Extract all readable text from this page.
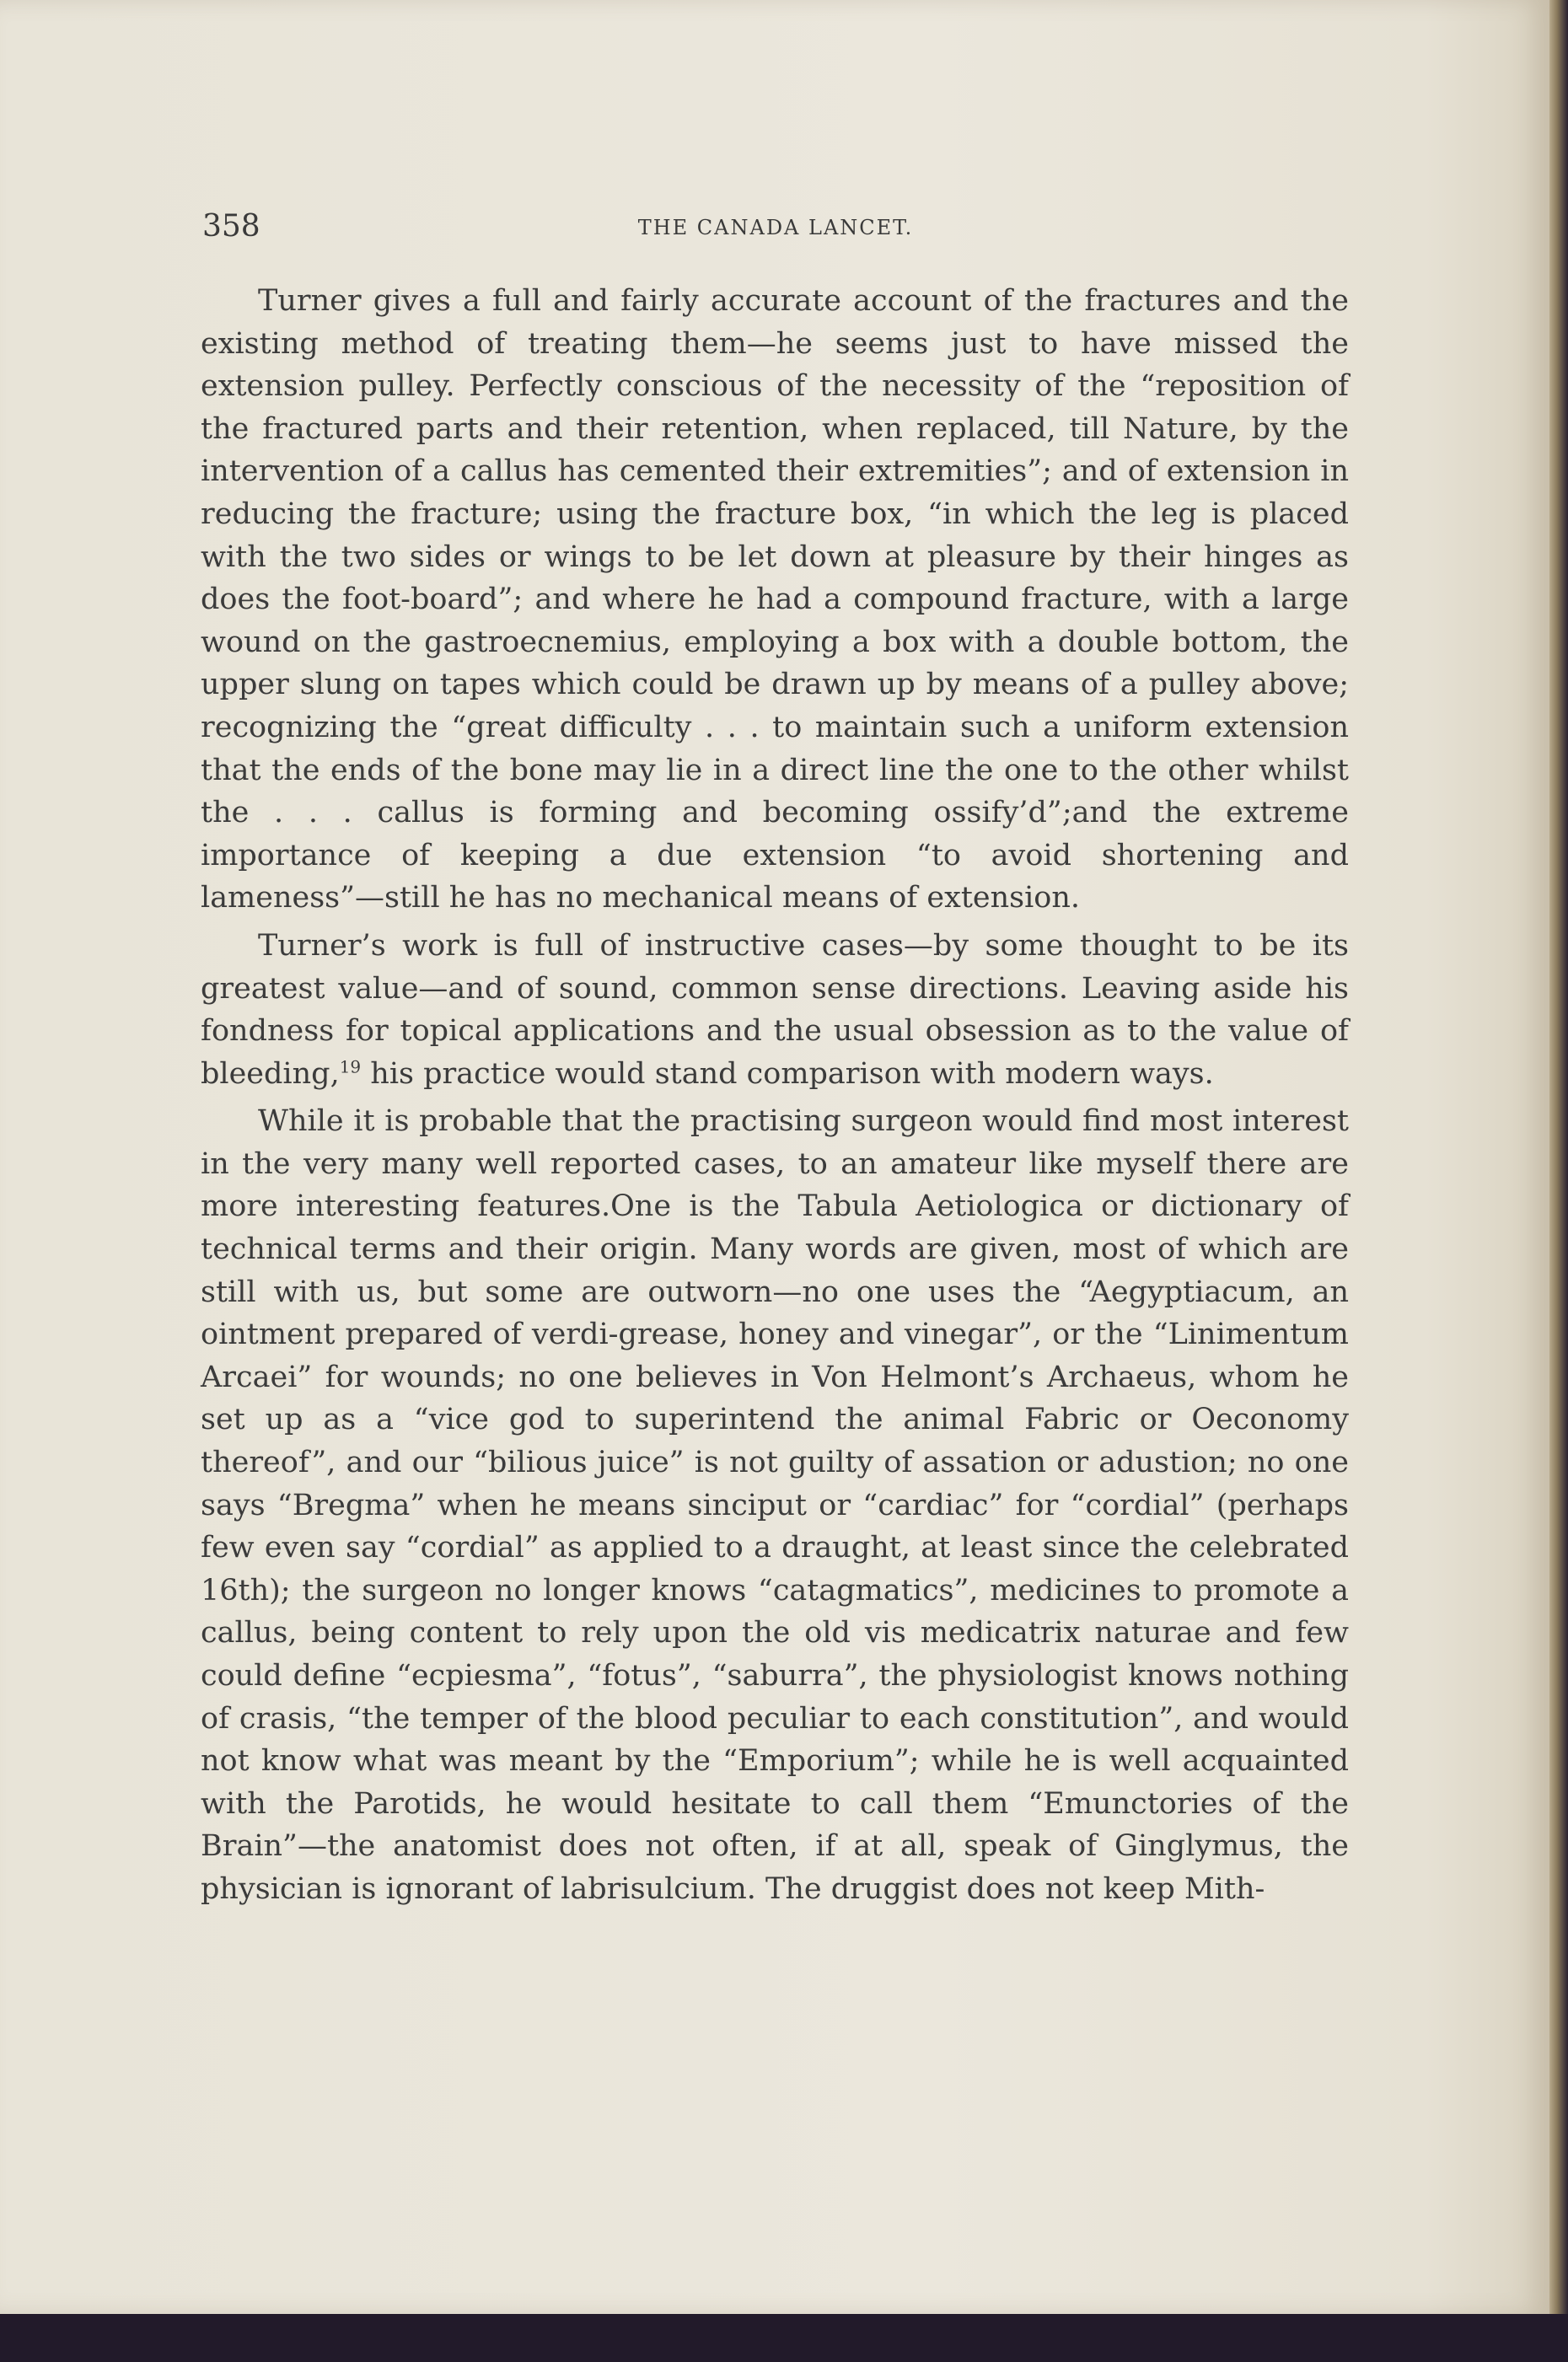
358	THE CANADA LANCET.

Turner gives a full and fairly accurate account of the fractures and the existing method of treating them—he seems just to have missed the extension pulley. Perfectly conscious of the necessity of the “reposition of the fractured parts and their retention, when replaced, till Nature, by the intervention of a callus has cemented their extremities”; and of extension in reducing the fracture; using the fracture box, “in which the leg is placed with the two sides or wings to be let down at pleasure by their hinges as does the foot-board”; and where he had a compound fracture, with a large wound on the gastroecnemius, employing a box with a double bottom, the upper slung on tapes which could be drawn up by means of a pulley above; recognizing the “great difficulty . . . to maintain such a uniform extension that the ends of the bone may lie in a direct line the one to the other whilst the . . . callus is forming and becoming ossify’d”;and the extreme importance of keeping a due extension “to avoid shortening and lameness”—still he has no mechanical means of extension.

Turner’s work is full of instructive cases—by some thought to be its greatest value—and of sound, common sense directions. Leaving aside his fondness for topical applications and the usual obsession as to the value of bleeding,$^{19}$ his practice would stand comparison with modern ways.

While it is probable that the practising surgeon would find most interest in the very many well reported cases, to an amateur like myself there are more interesting features.One is the Tabula Aetiologica or dictionary of technical terms and their origin. Many words are given, most of which are still with us, but some are outworn—no one uses the “Aegyptiacum, an ointment prepared of verdi-grease, honey and vinegar”, or the “Linimentum Arcaei” for wounds; no one believes in Von Helmont’s Archaeus, whom he set up as a “vice god to superintend the animal Fabric or Oeconomy thereof”, and our “bilious juice” is not guilty of assation or adustion; no one says “Bregma” when he means sinciput or “cardiac” for “cordial” (perhaps few even say “cordial” as applied to a draught, at least since the celebrated 16th); the surgeon no longer knows “catagmatics”, medicines to promote a callus, being content to rely upon the old vis medicatrix naturae and few could define “ecpiesma”, “fotus”, “saburra”, the physiologist knows nothing of crasis, “the temper of the blood peculiar to each constitution”, and would not know what was meant by the “Emporium”; while he is well acquainted with the Parotids, he would hesitate to call them “Emunctories of the Brain”—the anatomist does not often, if at all, speak of Ginglymus, the physician is ignorant of labrisulcium. The druggist does not keep Mith-
